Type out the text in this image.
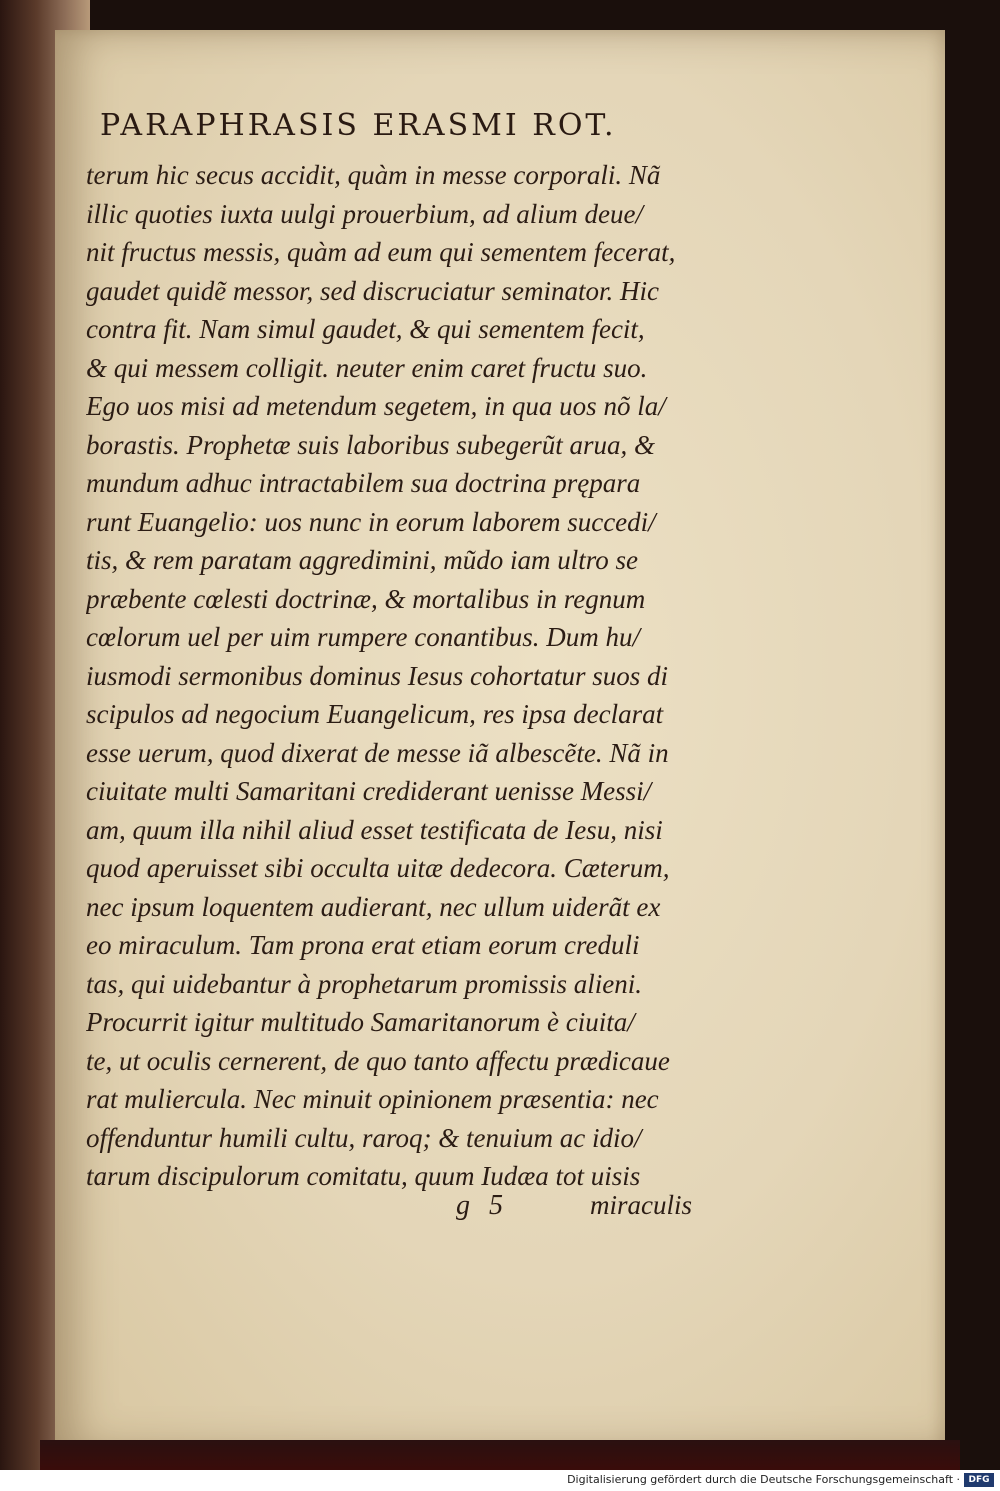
PARAPHRASIS ERASMI ROT.
terum hic secus accidit, quàm in messe corporali. Nã
illic quoties iuxta uulgi prouerbium, ad alium deue/
nit fructus messis, quàm ad eum qui sementem fecerat,
gaudet quidẽ messor, sed discruciatur seminator. Hic
contra fit. Nam simul gaudet, & qui sementem fecit,
& qui messem colligit. neuter enim caret fructu suo.
Ego uos misi ad metendum segetem, in qua uos nõ la/
borastis. Prophetæ suis laboribus subegerũt arua, &
mundum adhuc intractabilem sua doctrina prępara
runt Euangelio: uos nunc in eorum laborem succedi/
tis, & rem paratam aggredimini, mũdo iam ultro se
præbente cœlesti doctrinæ, & mortalibus in regnum
cœlorum uel per uim rumpere conantibus. Dum hu/
iusmodi sermonibus dominus Iesus cohortatur suos di
scipulos ad negocium Euangelicum, res ipsa declarat
esse uerum, quod dixerat de messe iã albescẽte. Nã in
ciuitate multi Samaritani crediderant uenisse Messi/
am, quum illa nihil aliud esset testificata de Iesu, nisi
quod aperuisset sibi occulta uitæ dedecora. Cæterum,
nec ipsum loquentem audierant, nec ullum uiderãt ex
eo miraculum. Tam prona erat etiam eorum creduli
tas, qui uidebantur à prophetarum promissis alieni.
Procurrit igitur multitudo Samaritanorum è ciuita/
te, ut oculis cernerent, de quo tanto affectu prædicaue
rat muliercula. Nec minuit opinionem præsentia: nec
offenduntur humili cultu, raroq; & tenuium ac idio/
tarum discipulorum comitatu, quum Iudæa tot uisis
g 5	miraculis
Digitalisierung gefördert durch die Deutsche Forschungsgemeinschaft · DFG
